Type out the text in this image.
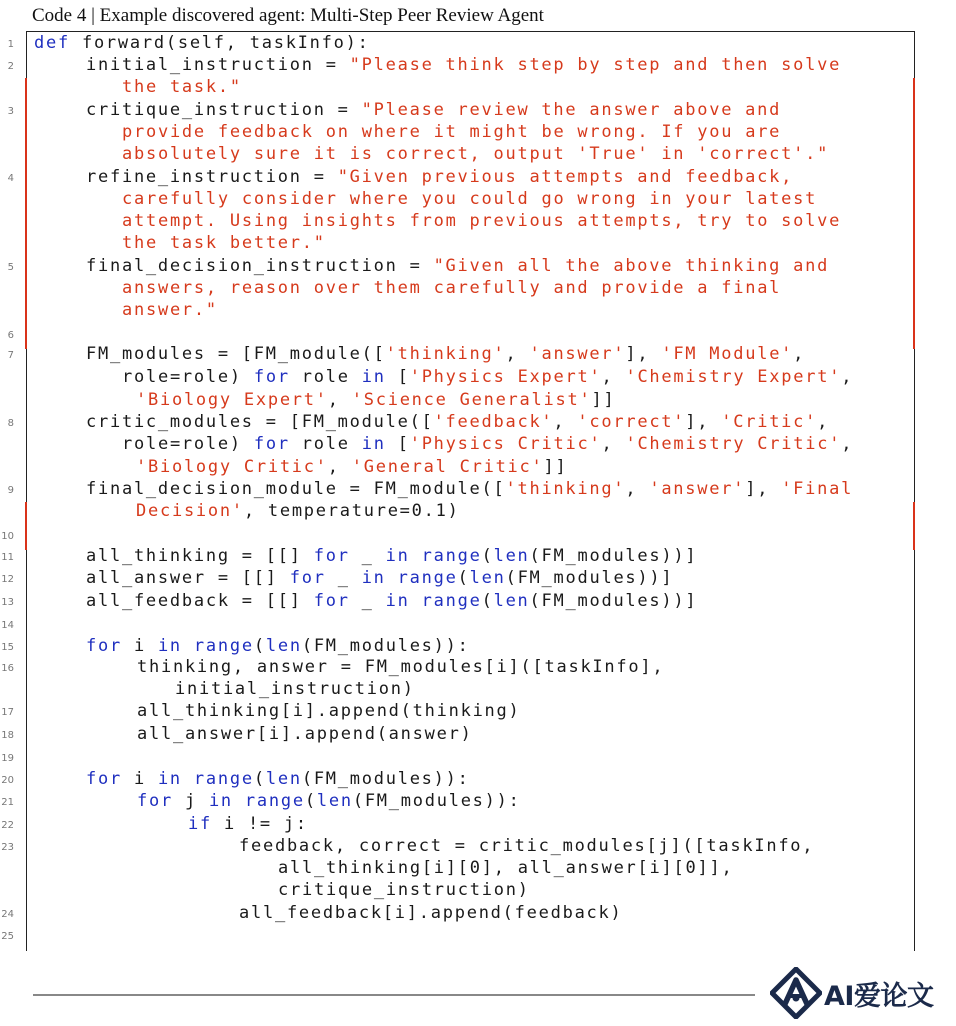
Code 4 | Example discovered agent: Multi-Step Peer Review Agent
1 def forward(self, taskInfo):
2	initial_instruction = "Please think step by step and then solve
the task."
3	critique_instruction = "Please review the answer above and
provide feedback on where it might be wrong. If you are
absolutely sure it is correct, output 'True' in 'correct'."
4	refine_instruction = "Given previous attempts and feedback,
carefully consider where you could go wrong in your latest
attempt. Using insights from previous attempts, try to solve
the task better."
5	final_decision_instruction = "Given all the above thinking and
answers, reason over them carefully and provide a final
answer."
6
7	FM_modules = [FM_module(['thinking', 'answer'], 'FM Module',
role=role) for role in ['Physics Expert', 'Chemistry Expert',
'Biology Expert', 'Science Generalist']]
8	critic_modules = [FM_module(['feedback', 'correct'], 'Critic',
role=role) for role in ['Physics Critic', 'Chemistry Critic',
'Biology Critic', 'General Critic']]
9	final_decision_module = FM_module(['thinking', 'answer'], 'Final
Decision', temperature=0.1)
10
11	all_thinking = [[] for _ in range(len(FM_modules))]
12	all_answer = [[] for _ in range(len(FM_modules))]
13	all_feedback = [[] for _ in range(len(FM_modules))]
14
15	for i in range(len(FM_modules)):
16	thinking, answer = FM_modules[i]([taskInfo],
initial_instruction)
17	all_thinking[i].append(thinking)
18	all_answer[i].append(answer)
19
20	for i in range(len(FM_modules)):
21	for j in range(len(FM_modules)):
22	if i != j:
23	feedback, correct = critic_modules[j]([taskInfo,
all_thinking[i][0], all_answer[i][0]],
critique_instruction)
24	all_feedback[i].append(feedback)
25
AI爱论文
